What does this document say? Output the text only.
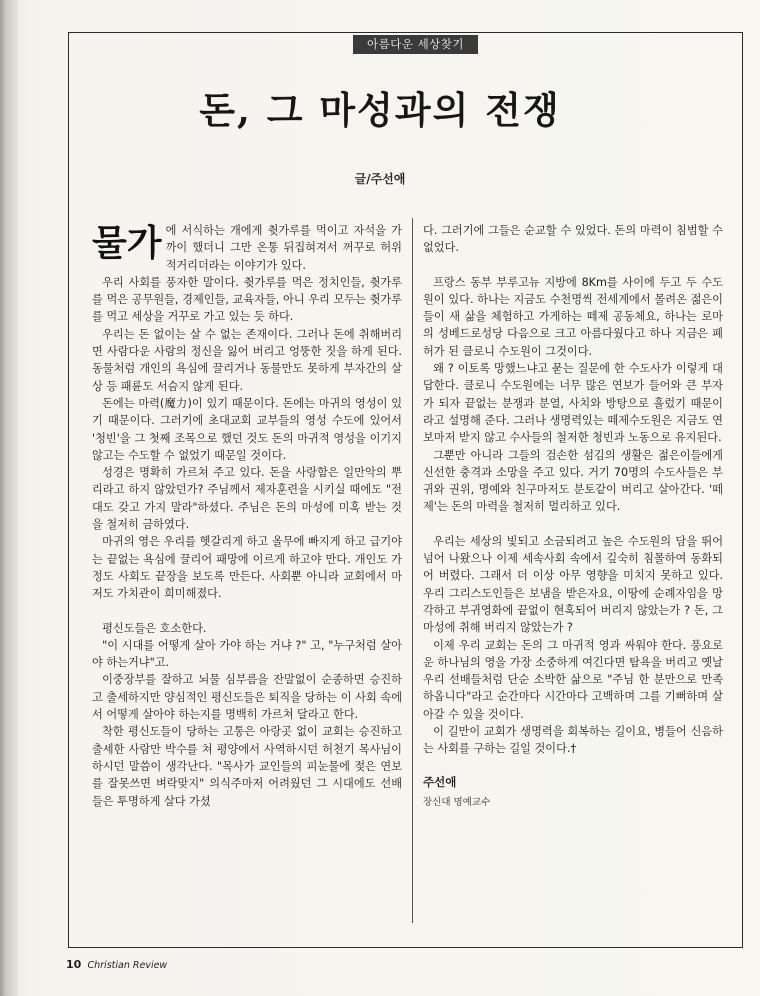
아름다운 세상찾기
돈, 그 마성과의 전쟁
글/주선애

물가 에 서식하는 개에게 췻가루를 먹이고 자석을 가까이 했더니 그만 온통 뒤집혀져서 꺼꾸로 허위적거리더라는 이야기가 있다.

우리 사회를 풍자한 말이다. 췻가루를 먹은 정치인들, 췻가루를 먹은 공무원들, 경제인들, 교육자들, 아니 우리 모두는 췻가루를 먹고 세상을 거꾸로 가고 있는 듯 하다.

우리는 돈 없이는 살 수 없는 존재이다. 그러나 돈에 취해버리면 사람다운 사람의 정신을 잃어 버리고 엉뚱한 짓을 하게 된다. 동물처럼 개인의 욕심에 끌리거나 동물만도 못하게 부자간의 살상 등 패륜도 서슴지 않게 된다.

돈에는 마력(魔力)이 있기 때문이다. 돈에는 마귀의 영성이 있기 때문이다. 그러기에 초대교회 교부들의 영성 수도에 있어서 '청빈'을 그 첫째 조목으로 했던 것도 돈의 마귀적 영성을 이기지 않고는 수도할 수 없었기 때문일 것이다.

성경은 명확히 가르쳐 주고 있다. 돈을 사랑함은 일만악의 뿌리라고 하지 않았던가? 주님께서 제자훈련을 시키실 때에도 "전대도 갖고 가지 말라"하셨다. 주님은 돈의 마성에 미혹 받는 것을 철저히 금하였다.

마귀의 영은 우리를 헷갈리게 하고 올무에 빠지게 하고 급기야는 끝없는 욕심에 끌리어 패망에 이르게 하고야 만다. 개인도 가정도 사회도 끝장을 보도록 만든다. 사회뿐 아니라 교회에서 마저도 가치관이 희미해졌다.

평신도들은 호소한다.

"이 시대를 어떻게 살아 가야 하는 거냐 ?" 고, "누구처럼 살아야 하는거냐"고.

이중장부를 잘하고 뇌물 심부름을 잔말없이 순종하면 승진하고 출세하지만 양심적인 평신도들은 퇴직을 당하는 이 사회 속에서 어떻게 살아야 하는지를 명백히 가르쳐 달라고 한다.

착한 평신도들이 당하는 고통은 아랑곳 없이 교회는 승진하고 출세한 사람만 박수를 쳐 평양에서 사역하시던 허천기 목사님이 하시던 말씀이 생각난다. "목사가 교인들의 피눈물에 젖은 연보를 잘못쓰면 벼락맞지" 의식주마저 어려웠던 그 시대에도 선배들은 투명하게 살다 가셨

다. 그러기에 그들은 순교할 수 있었다. 돈의 마력이 침범할 수 없었다.

프랑스 동부 부루고뉴 지방에 8Km를 사이에 두고 두 수도원이 있다. 하나는 지금도 수천명씩 전세계에서 몰려온 젊은이들이 새 삶을 체험하고 가게하는 떼제 공동체요, 하나는 로마의 성베드로성당 다음으로 크고 아름다웠다고 하나 지금은 폐허가 된 클로니 수도원이 그것이다.

왜 ? 이토록 망했느냐고 묻는 질문에 한 수도사가 이렇게 대답한다. 클로니 수도원에는 너무 많은 연보가 들어와 큰 부자가 되자 끝없는 분쟁과 분열, 사치와 방탕으로 흘렀기 때문이라고 설명해 준다. 그러나 생명력있는 떼제수도원은 지금도 연보마저 받지 않고 수사들의 철저한 청빈과 노동으로 유지된다.

그뿐만 아니라 그들의 검손한 섬김의 생활은 젊은이들에게 신선한 충격과 소망을 주고 있다. 거기 70명의 수도사들은 부귀와 권위, 명예와 친구마저도 분토같이 버리고 살아간다. '떼제'는 돈의 마력을 철저히 멀리하고 있다.

우리는 세상의 빛되고 소금되려고 높은 수도원의 담을 뛰어넘어 나왔으나 이제 세속사회 속에서 깊숙히 침몰하여 동화되어 버렸다. 그래서 더 이상 아무 영향을 미치지 못하고 있다. 우리 그리스도인들은 보냄을 받은자요, 이땅에 순례자임을 망각하고 부귀영화에 끝없이 현혹되어 버리지 않았는가 ? 돈, 그 마성에 취해 버리지 않았는가 ?

이제 우리 교회는 돈의 그 마귀적 영과 싸워야 한다. 풍요로운 하나님의 영을 가장 소중하게 여긴다면 탐욕을 버리고 옛날 우리 선배들처럼 단순 소박한 삶으로 "주님 한 분만으로 만족하옵니다"라고 순간마다 시간마다 고백하며 그를 기뻐하며 살아갈 수 있을 것이다.

이 길만이 교회가 생명력을 회복하는 길이요, 병들어 신음하는 사회를 구하는 길일 것이다.†

주선애
장신대 명예교수
10 Christian Review
